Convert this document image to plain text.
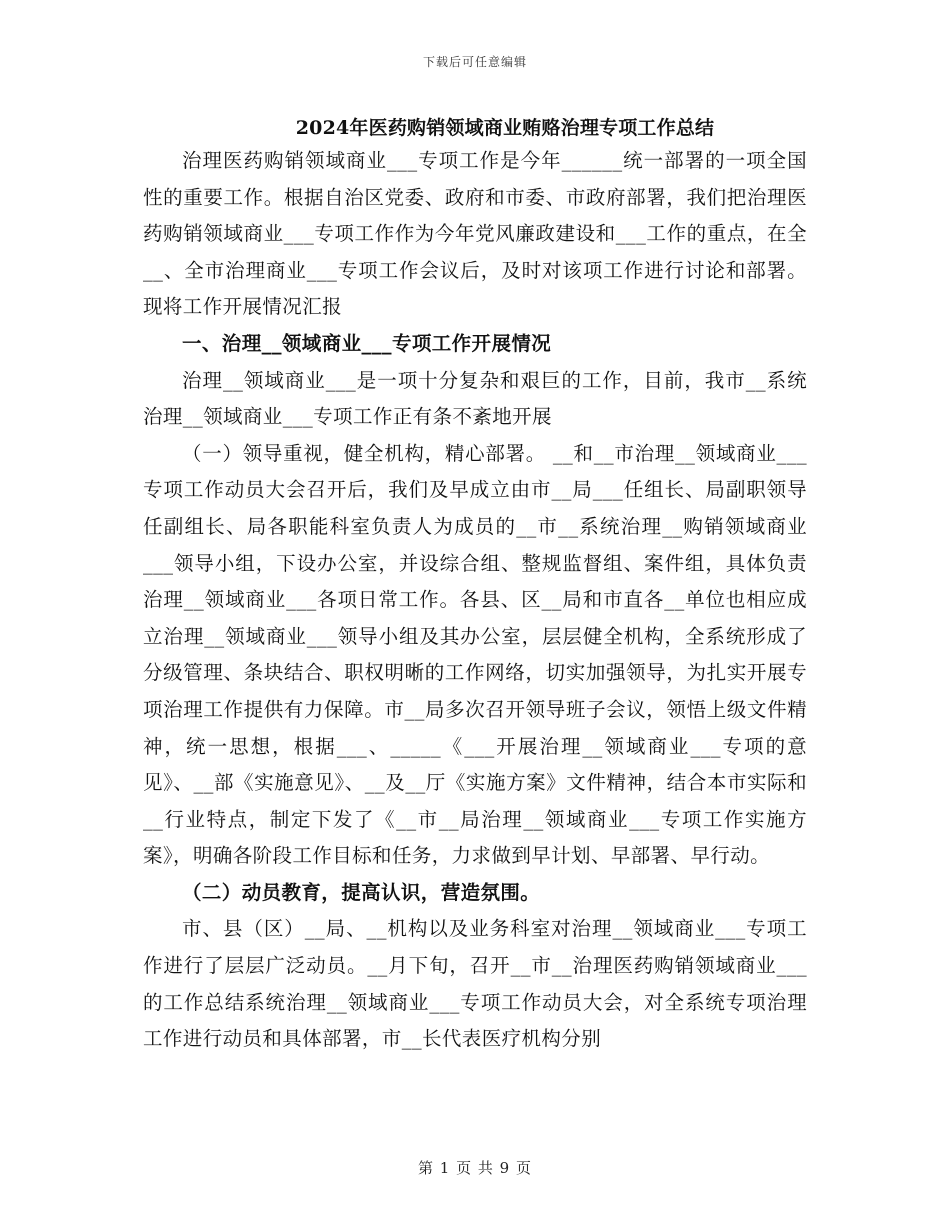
下载后可任意编辑
2024年医药购销领域商业贿赂治理专项工作总结

治理医药购销领域商业___专项工作是今年______统一部署的一项全国性的重要工作。根据自治区党委、政府和市委、市政府部署，我们把治理医药购销领域商业___专项工作作为今年党风廉政建设和___工作的重点，在全__、全市治理商业___专项工作会议后，及时对该项工作进行讨论和部署。现将工作开展情况汇报

一、治理__领域商业___专项工作开展情况

治理__领域商业___是一项十分复杂和艰巨的工作，目前，我市__系统治理__领域商业___专项工作正有条不紊地开展

（一）领导重视，健全机构，精心部署。 __和__市治理__领域商业___专项工作动员大会召开后，我们及早成立由市__局___任组长、局副职领导任副组长、局各职能科室负责人为成员的__市__系统治理__购销领域商业___领导小组，下设办公室，并设综合组、整规监督组、案件组，具体负责治理__领域商业___各项日常工作。各县、区__局和市直各__单位也相应成立治理__领域商业___领导小组及其办公室，层层健全机构，全系统形成了分级管理、条块结合、职权明晰的工作网络，切实加强领导，为扎实开展专项治理工作提供有力保障。市__局多次召开领导班子会议，领悟上级文件精神，统一思想，根据___、_____《___开展治理__领域商业___专项的意见》、__部《实施意见》、__及__厅《实施方案》文件精神，结合本市实际和__行业特点，制定下发了《__市__局治理__领域商业___专项工作实施方案》，明确各阶段工作目标和任务，力求做到早计划、早部署、早行动。

（二）动员教育，提高认识，营造氛围。

市、县（区）__局、__机构以及业务科室对治理__领域商业___专项工作进行了层层广泛动员。__月下旬，召开__市__治理医药购销领域商业___的工作总结系统治理__领域商业___专项工作动员大会，对全系统专项治理工作进行动员和具体部署，市__长代表医疗机构分别

第 1 页 共 9 页
